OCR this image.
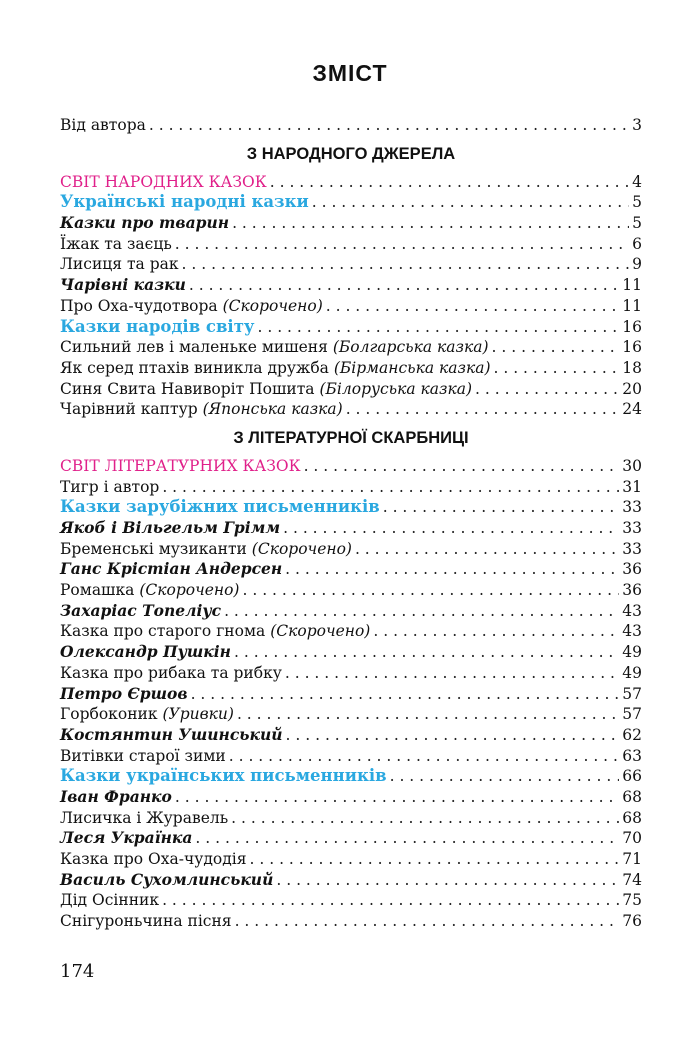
ЗМІСТ
Від автора . . .	3
З НАРОДНОГО ДЖЕРЕЛА
СВІТ НАРОДНИХ КАЗОК . . .	4
Українські народні казки . . .	5
Казки про тварин . . .	5
Їжак та заєць . . .	6
Лисиця та рак . . .	9
Чарівні казки . . .	11
Про Оха-чудотвора (Скорочено) . . .	11
Казки народів світу . . .	16
Сильний лев і маленьке мишеня (Болгарська казка) . . .	16
Як серед птахів виникла дружба (Бірманська казка) . . .	18
Синя Свита Навиворіт Пошита (Білоруська казка) . . .	20
Чарівний каптур (Японська казка) . . .	24
З ЛІТЕРАТУРНОЇ СКАРБНИЦІ
СВІТ ЛІТЕРАТУРНИХ КАЗОК . . .	30
Тигр і автор . . .	31
Казки зарубіжних письменників . . .	33
Якоб і Вільгельм Грімм . . .	33
Бременські музиканти (Скорочено) . . .	33
Ганс Крістіан Андерсен . . .	36
Ромашка (Скорочено) . . .	36
Захаріас Топеліус . . .	43
Казка про старого гнома (Скорочено) . . .	43
Олександр Пушкін . . .	49
Казка про рибака та рибку . . .	49
Петро Єршов . . .	57
Горбоконик (Уривки) . . .	57
Костянтин Ушинський . . .	62
Витівки старої зими . . .	63
Казки українських письменників . . .	66
Іван Франко . . .	68
Лисичка і Журавель . . .	68
Леся Українка . . .	70
Казка про Оха-чудодія . . .	71
Василь Сухомлинський . . .	74
Дід Осінник . . .	75
Снігуроньчина пісня . . .	76
174
